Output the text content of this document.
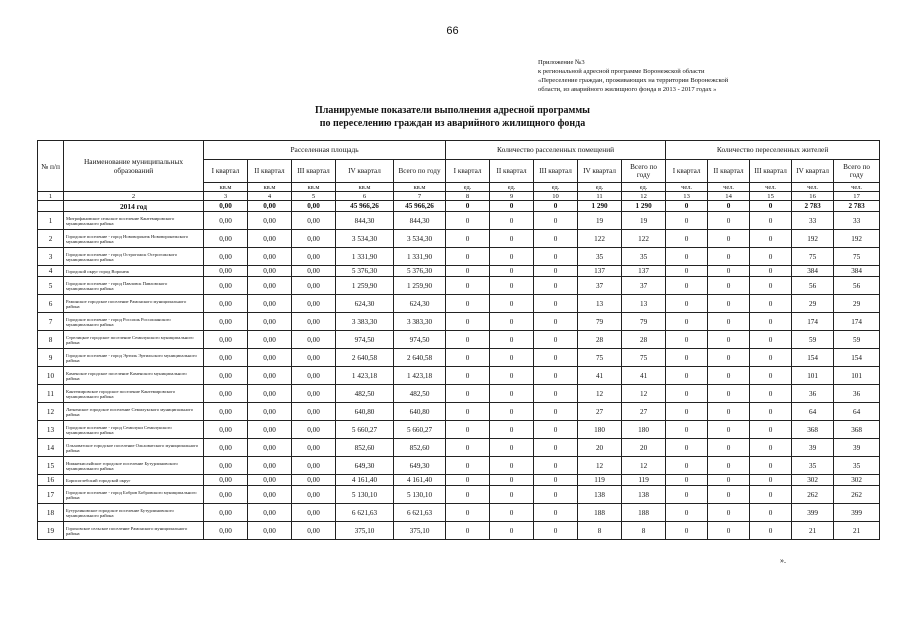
66
Приложение №3
к региональной адресной программе Воронежской области
«Переселение граждан, проживающих на территории Воронежской
области, из аварийного жилищного фонда в 2013 - 2017 годах »
Планируемые показатели выполнения адресной программы
по переселению граждан из аварийного жилищного фонда
№ п/п	Наименование муниципальных образований	Расселенная площадь					Количество расселенных помещений					Количество переселенных жителей				
		I квартал	II квартал	III квартал	IV квартал	Всего по году	I квартал	II квартал	III квартал	IV квартал	Всего по году	I квартал	II квартал	III квартал	IV квартал	Всего по году
		кв.м	кв.м	кв.м	кв.м	кв.м	ед.	ед.	ед.	ед.	ед.	чел.	чел.	чел.	чел.	чел.
1	2	3	4	5	6	7	8	9	10	11	12	13	14	15	16	17
	2014 год	0,00	0,00	0,00	45 966,26	45 966,26	0	0	0	1 290	1 290	0	0	0	2 783	2 783
1	Митрофановское сельское поселение Кантемировского муниципального района	0,00	0,00	0,00	844,30	844,30	0	0	0	19	19	0	0	0	33	33
2	Городское поселение - город Нововоронеж Нововоронежского муниципального района	0,00	0,00	0,00	3 534,30	3 534,30	0	0	0	122	122	0	0	0	192	192
3	Городское поселение - город Острогожск Острогожского муниципального района	0,00	0,00	0,00	1 331,90	1 331,90	0	0	0	35	35	0	0	0	75	75
4	Городской округ город Воронеж	0,00	0,00	0,00	5 376,30	5 376,30	0	0	0	137	137	0	0	0	384	384
5	Городское поселение - город Павловск Павловского муниципального района	0,00	0,00	0,00	1 259,90	1 259,90	0	0	0	37	37	0	0	0	56	56
6	Рамонское городское поселение Рамонского муниципального района	0,00	0,00	0,00	624,30	624,30	0	0	0	13	13	0	0	0	29	29
7	Городское поселение - город Россошь Россошанского муниципального района	0,00	0,00	0,00	3 383,30	3 383,30	0	0	0	79	79	0	0	0	174	174
8	Стрелицкое городское поселение Семилукского муниципального района	0,00	0,00	0,00	974,50	974,50	0	0	0	28	28	0	0	0	59	59
9	Городское поселение - город Эртиль Эртильского муниципального района	0,00	0,00	0,00	2 640,58	2 640,58	0	0	0	75	75	0	0	0	154	154
10	Каменское городское поселение Каменского муниципального района	0,00	0,00	0,00	1 423,18	1 423,18	0	0	0	41	41	0	0	0	101	101
11	Кантемировское городское поселение Кантемировского муниципального района	0,00	0,00	0,00	482,50	482,50	0	0	0	12	12	0	0	0	36	36
12	Латненское городское поселение Семилукского муниципального района	0,00	0,00	0,00	640,80	640,80	0	0	0	27	27	0	0	0	64	64
13	Городское поселение - город Семилуки Семилукского муниципального района	0,00	0,00	0,00	5 660,27	5 660,27	0	0	0	180	180	0	0	0	368	368
14	Ольховатское городское поселение Ольховатского муниципального района	0,00	0,00	0,00	852,60	852,60	0	0	0	20	20	0	0	0	39	39
15	Нижнекисляйское городское поселение Бутурлиновского муниципального района	0,00	0,00	0,00	649,30	649,30	0	0	0	12	12	0	0	0	35	35
16	Борисоглебский городской округ	0,00	0,00	0,00	4 161,40	4 161,40	0	0	0	119	119	0	0	0	302	302
17	Городское поселение - город Бобров Бобровского муниципального района	0,00	0,00	0,00	5 130,10	5 130,10	0	0	0	138	138	0	0	0	262	262
18	Бутурлиновское городское поселение Бутурлиновского муниципального района	0,00	0,00	0,00	6 621,63	6 621,63	0	0	0	188	188	0	0	0	399	399
19	Гороховское сельское поселение Рамонского муниципального района	0,00	0,00	0,00	375,10	375,10	0	0	0	8	8	0	0	0	21	21
».
